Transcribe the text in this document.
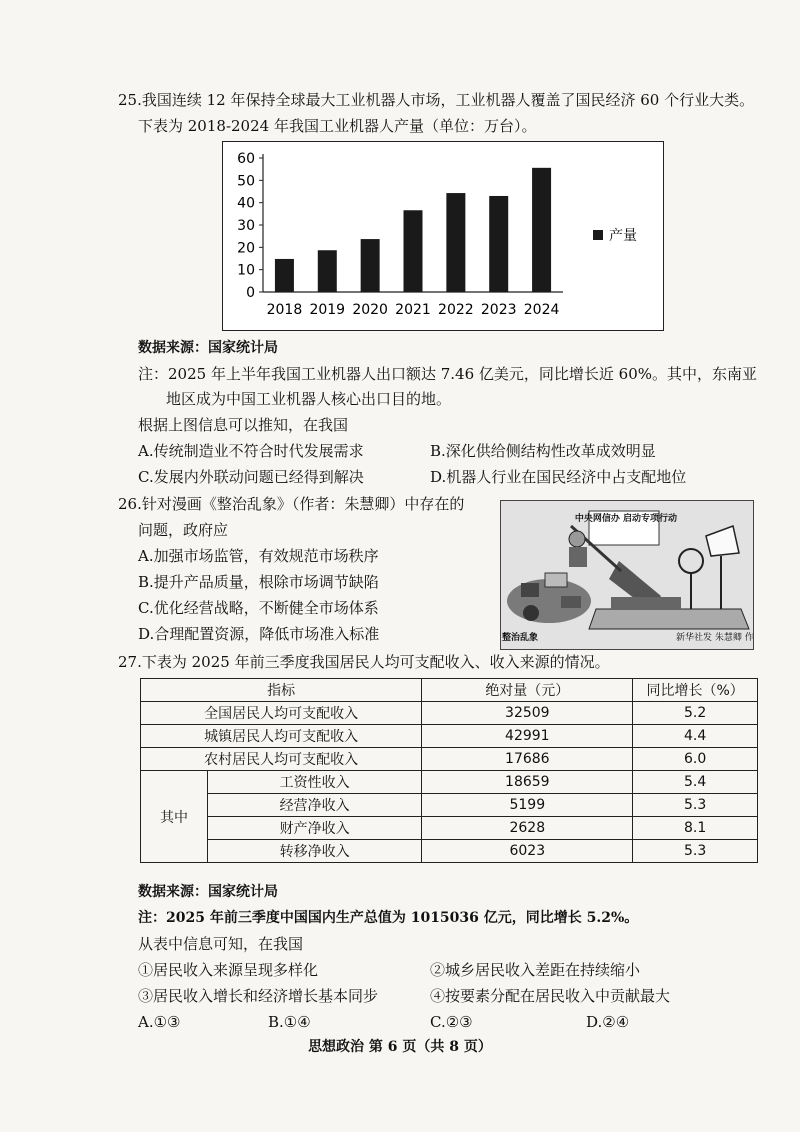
25.我国连续 12 年保持全球最大工业机器人市场，工业机器人覆盖了国民经济 60 个行业大类。
下表为 2018-2024 年我国工业机器人产量（单位：万台）。
0
10
20
30
40
50
60
2018 2019 2020 2021 2022 2023 2024
产量
数据来源：国家统计局
注：2025 年上半年我国工业机器人出口额达 7.46 亿美元，同比增长近 60%。其中，东南亚
地区成为中国工业机器人核心出口目的地。
根据上图信息可以推知，在我国
A.传统制造业不符合时代发展需求	B.深化供给侧结构性改革成效明显
C.发展内外联动问题已经得到解决	D.机器人行业在国民经济中占支配地位
26.针对漫画《整治乱象》（作者：朱慧卿）中存在的
问题，政府应
A.加强市场监管，有效规范市场秩序
B.提升产品质量，根除市场调节缺陷
C.优化经营战略，不断健全市场体系
D.合理配置资源，降低市场准入标准
中央网信办 启动专项行动
整治乱象	新华社发 朱慧卿 作
27.下表为 2025 年前三季度我国居民人均可支配收入、收入来源的情况。
指标		绝对量（元）	同比增长（%）
全国居民人均可支配收入		32509	5.2
城镇居民人均可支配收入		42991	4.4
农村居民人均可支配收入		17686	6.0
其中	工资性收入	18659	5.4
	经营净收入	5199	5.3
	财产净收入	2628	8.1
	转移净收入	6023	5.3
数据来源：国家统计局
注：2025 年前三季度中国国内生产总值为 1015036 亿元，同比增长 5.2%。
从表中信息可知，在我国
①居民收入来源呈现多样化	②城乡居民收入差距在持续缩小
③居民收入增长和经济增长基本同步	④按要素分配在居民收入中贡献最大
A.①③	B.①④	C.②③	D.②④
思想政治 第 6 页（共 8 页）
